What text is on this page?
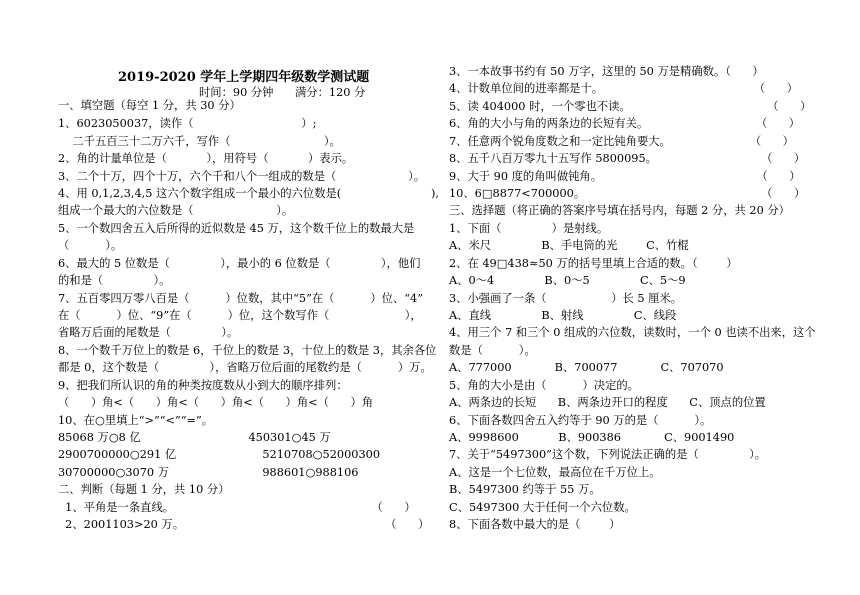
2019-2020 学年上学期四年级数学测试题
时间：90 分钟      满分：120 分
一、填空题（每空 1 分，共 30 分）
1、6023050037，读作（                              ）;
二千五百三十二万六千，写作（                          ）。
2、角的计量单位是（           ），用符号（           ）表示。
3、二个十万，四个十万，六个千和八个一组成的数是（                    ）。
4、用 0,1,2,3,4,5 这六个数字组成一个最小的六位数是(                         ),
组成一个最大的六位数是（                       ）。
5、一个数四舍五入后所得的近似数是 45 万，这个数千位上的数最大是
（          ）。
6、最大的 5 位数是（              ），最小的 6 位数是（              ），他们
的和是（              ）。
7、五百零四万零八百是（          ）位数，其中“5”在（          ）位、“4”
在（          ）位、“9”在（          ）位，这个数写作（                     ），
省略万后面的尾数是（              ）。
8、一个数千万位上的数是 6，千位上的数是 3，十位上的数是 3，其余各位
都是 0，这个数是（              ），省略万位后面的尾数约是（          ）万。
9、把我们所认识的角的种类按度数从小到大的顺序排列：
（      ）角<（      ）角<（      ）角<（      ）角<（      ）角
10、在○里填上“>”“<”“=”。
85068 万○8 亿                              450301○45 万
2900700000○291 亿                        5210708○52000300
30700000○3070 万                          988601○988106
二、判断（每题 1 分，共 10 分）
1、平角是一条直线。                                                       （      ）
2、2001103>20 万。                                                        （      ）
3、一本故事书约有 50 万字，这里的 50 万是精确数。（      ）
4、计数单位间的进率都是十。                                          （      ）
5、读 404000 时，一个零也不读。                                      （      ）
6、角的大小与角的两条边的长短有关。                              （      ）
7、任意两个锐角度数之和一定比钝角要大。                      （      ）
8、五千八百万零九十五写作 5800095。                             （      ）
9、大于 90 度的角叫做钝角。                                           （      ）
10、6□8877<700000。                                                 （      ）
三、选择题（将正确的答案序号填在括号内，每题 2 分，共 20 分）
1、下面（              ）是射线。
A、米尺              B、手电筒的光        C、竹棍
2、在 49□438≈50 万的括号里填上合适的数。（        ）
A、0～4              B、0～5              C、5～9
3、小强画了一条（                  ）长 5 厘米。
A、直线              B、射线              C、线段
4、用三个 7 和三个 0 组成的六位数，读数时，一个 0 也读不出来，这个
数是（          ）。
A、777000            B、700077            C、707070
5、角的大小是由（          ）决定的。
A、两条边的长短      B、两条边开口的程度      C、顶点的位置
6、下面各数四舍五入约等于 90 万的是（          ）。
A、9998600           B、900386            C、9001490
7、关于“5497300”这个数，下列说法正确的是（              ）。
A、这是一个七位数，最高位在千万位上。
B、5497300 约等于 55 万。
C、5497300 大于任何一个六位数。
8、下面各数中最大的是（        ）
